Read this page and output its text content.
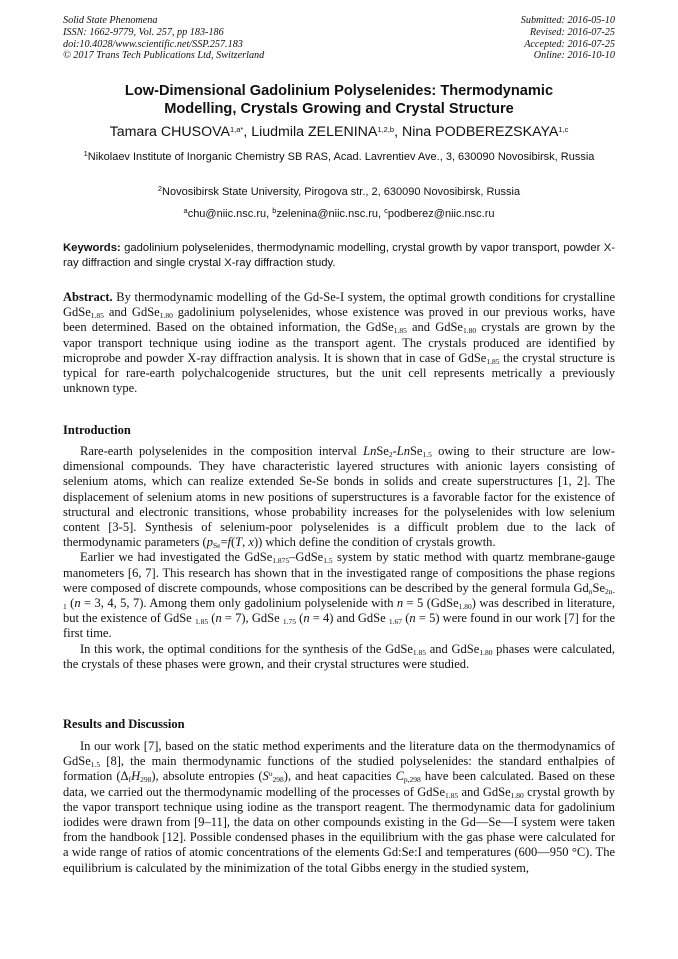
Solid State Phenomena
ISSN: 1662-9779, Vol. 257, pp 183-186
doi:10.4028/www.scientific.net/SSP.257.183
© 2017 Trans Tech Publications Ltd, Switzerland
Submitted: 2016-05-10
Revised: 2016-07-25
Accepted: 2016-07-25
Online: 2016-10-10
Low-Dimensional Gadolinium Polyselenides: Thermodynamic
Modelling, Crystals Growing and Crystal Structure
Tamara $CHUSOVA^{1,a*}$, Liudmila ZELENINA$^{1,2,b}$, Nina PODBEREZSKAYA$^{1,c}$
$^1$Nikolaev Institute of Inorganic Chemistry SB RAS, Acad. Lavrentiev Ave., 3, 630090 Novosibirsk, Russia
$^2$Novosibirsk State University, Pirogova str., 2, 630090 Novosibirsk, Russia
$^a$chu@niic.nsc.ru, $^b$zelenina@niic.nsc.ru, $^c$podberez@niic.nsc.ru
Keywords: gadolinium polyselenides, thermodynamic modelling, crystal growth by vapor transport, powder X-ray diffraction and single crystal X-ray diffraction study.
Abstract. By thermodynamic modelling of the Gd-Se-I system, the optimal growth conditions for crystalline GdSe$_{1.85}$ and GdSe$_{1.80}$ gadolinium polyselenides, whose existence was proved in our previous works, have been determined. Based on the obtained information, the GdSe$_{1.85}$ and GdSe$_{1.80}$ crystals are grown by the vapor transport technique using iodine as the transport agent. The crystals produced are identified by microprobe and powder X-ray diffraction analysis. It is shown that in case of GdSe$_{1.85}$ the crystal structure is typical for rare-earth polychalcogenide structures, but the unit cell represents metrically a previously unknown type.
Introduction

Rare-earth polyselenides in the composition interval LnSe$_2$-LnSe$_{1.5}$ owing to their structure are low-dimensional compounds. They have characteristic layered structures with anionic layers consisting of selenium atoms, which can realize extended Se-Se bonds in solids and create superstructures [1, 2]. The displacement of selenium atoms in new positions of superstructures is a favorable factor for the existence of structural and electronic transitions, whose probability increases for the polyselenides with low selenium content [3-5]. Synthesis of selenium-poor polyselenides is a difficult problem due to the lack of thermodynamic parameters ($p_{Se}=f(T$, x)) which define the condition of crystals growth.

Earlier we had investigated the GdSe$_{1.875}$–GdSe$_{1.5}$ system by static method with quartz membrane-gauge manometers [6, 7]. This research has shown that in the investigated range of compositions the phase regions were composed of discrete compounds, whose compositions can be described by the general formula $Gd_nSe_{2n-1}$ (n = 3, 4, 5, 7). Among them only gadolinium polyselenide with n = 5 (GdSe$_{1.80}$) was described in literature, but the existence of GdSe $_{1.85}$ (n = 7), GdSe $_{1.75}$ (n = 4) and GdSe $_{1.67}$ (n = 5) were found in our work [7] for the first time.

In this work, the optimal conditions for the synthesis of the GdSe$_{1.85}$ and GdSe$_{1.80}$ phases were calculated, the crystals of these phases were grown, and their crystal structures were studied.

Results and Discussion

In our work [7], based on the static method experiments and the literature data on the thermodynamics of GdSe$_{1.5}$ [8], the main thermodynamic functions of the studied polyselenides: the standard enthalpies of formation $(\Delta_fH_{298})$, absolute entropies $(S^o_{298})$, and heat capacities $C_{p,298}$ have been calculated. Based on these data, we carried out the thermodynamic modelling of the processes of GdSe$_{1.85}$ and GdSe$_{1.80}$ crystal growth by the vapor transport technique using iodine as the transport reagent. The thermodynamic data for gadolinium iodides were drawn from [9–11], the data on other compounds existing in the Gd—Se—I system were taken from the handbook [12]. Possible condensed phases in the equilibrium with the gas phase were calculated for a wide range of ratios of atomic concentrations of the elements Gd:Se:I and temperatures (600—950 °C). The equilibrium is calculated by the minimization of the total Gibbs energy in the studied system,
